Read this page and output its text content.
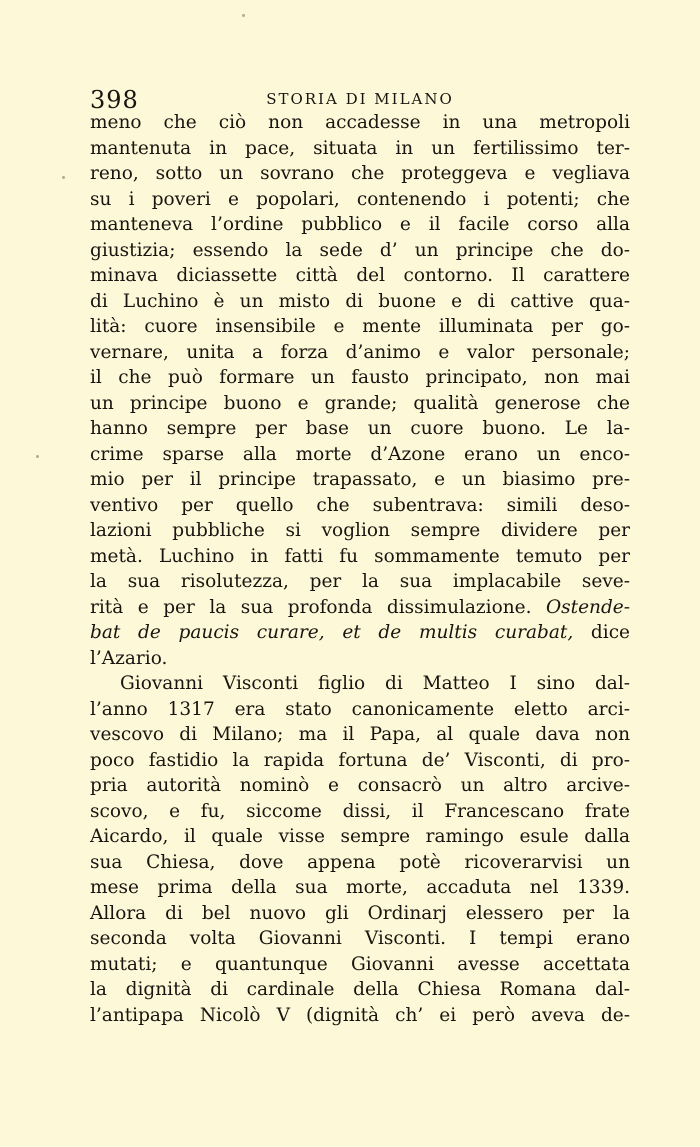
398	STORIA DI MILANO
meno che ciò non accadesse in una metropoli
mantenuta in pace, situata in un fertilissimo ter-
reno, sotto un sovrano che proteggeva e vegliava
su i poveri e popolari, contenendo i potenti; che
manteneva l’ordine pubblico e il facile corso alla
giustizia; essendo la sede d’ un principe che do-
minava diciassette città del contorno. Il carattere
di Luchino è un misto di buone e di cattive qua-
lità: cuore insensibile e mente illuminata per go-
vernare, unita a forza d’animo e valor personale;
il che può formare un fausto principato, non mai
un principe buono e grande; qualità generose che
hanno sempre per base un cuore buono. Le la-
crime sparse alla morte d’Azone erano un enco-
mio per il principe trapassato, e un biasimo pre-
ventivo per quello che subentrava: simili deso-
lazioni pubbliche si voglion sempre dividere per
metà. Luchino in fatti fu sommamente temuto per
la sua risolutezza, per la sua implacabile seve-
rità e per la sua profonda dissimulazione. Ostende-
bat de paucis curare, et de multis curabat, dice
l’Azario.
Giovanni Visconti figlio di Matteo I sino dal-
l’anno 1317 era stato canonicamente eletto arci-
vescovo di Milano; ma il Papa, al quale dava non
poco fastidio la rapida fortuna de’ Visconti, di pro-
pria autorità nominò e consacrò un altro arcive-
scovo, e fu, siccome dissi, il Francescano frate
Aicardo, il quale visse sempre ramingo esule dalla
sua Chiesa, dove appena potè ricoverarvisi un
mese prima della sua morte, accaduta nel 1339.
Allora di bel nuovo gli Ordinarj elessero per la
seconda volta Giovanni Visconti. I tempi erano
mutati; e quantunque Giovanni avesse accettata
la dignità di cardinale della Chiesa Romana dal-
l’antipapa Nicolò V (dignità ch’ ei però aveva de-
